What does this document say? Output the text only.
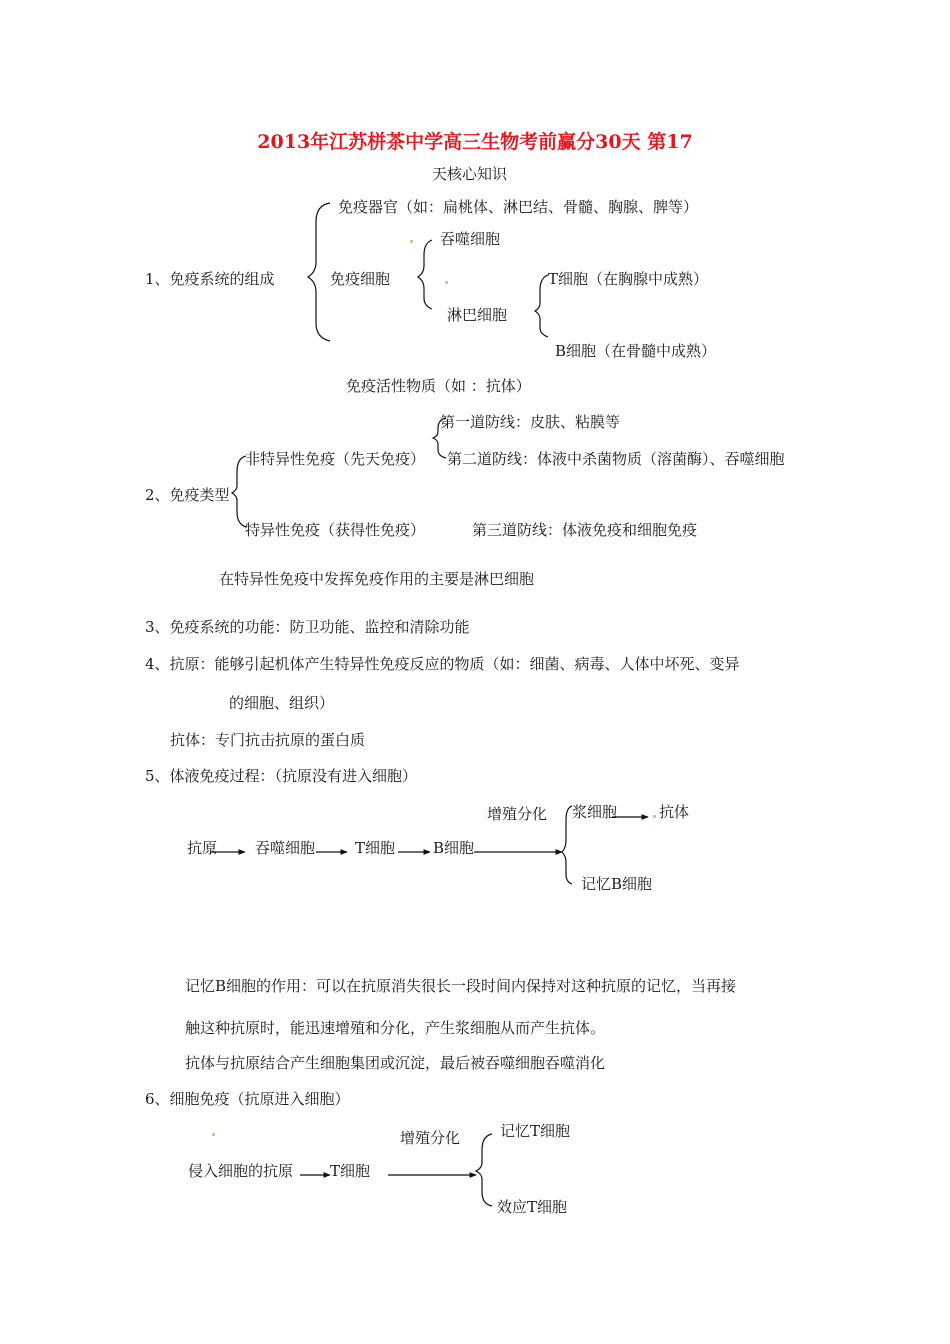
2013年江苏栟茶中学高三生物考前赢分30天 第17
天核心知识
1、免疫系统的组成
免疫器官（如：扁桃体、淋巴结、骨髓、胸腺、脾等）
免疫细胞
吞噬细胞
淋巴细胞
T细胞（在胸腺中成熟）
B细胞（在骨髓中成熟）
免疫活性物质（如 ：抗体）
第一道防线：皮肤、粘膜等
非特异性免疫（先天免疫） 第二道防线：体液中杀菌物质（溶菌酶）、吞噬细胞
2、免疫类型
特异性免疫（获得性免疫）	第三道防线：体液免疫和细胞免疫
在特异性免疫中发挥免疫作用的主要是淋巴细胞
3、免疫系统的功能：防卫功能、监控和清除功能
4、抗原：能够引起机体产生特异性免疫反应的物质（如：细菌、病毒、人体中坏死、变异
的细胞、组织）
抗体：专门抗击抗原的蛋白质
5、体液免疫过程：（抗原没有进入细胞）
增殖分化 浆细胞	抗体
抗原	吞噬细胞	T细胞	B细胞
记忆B细胞
记忆B细胞的作用：可以在抗原消失很长一段时间内保持对这种抗原的记忆，当再接
触这种抗原时，能迅速增殖和分化，产生浆细胞从而产生抗体。
抗体与抗原结合产生细胞集团或沉淀，最后被吞噬细胞吞噬消化
6、细胞免疫（抗原进入细胞）
增殖分化	记忆T细胞
侵入细胞的抗原 T细胞
效应T细胞
